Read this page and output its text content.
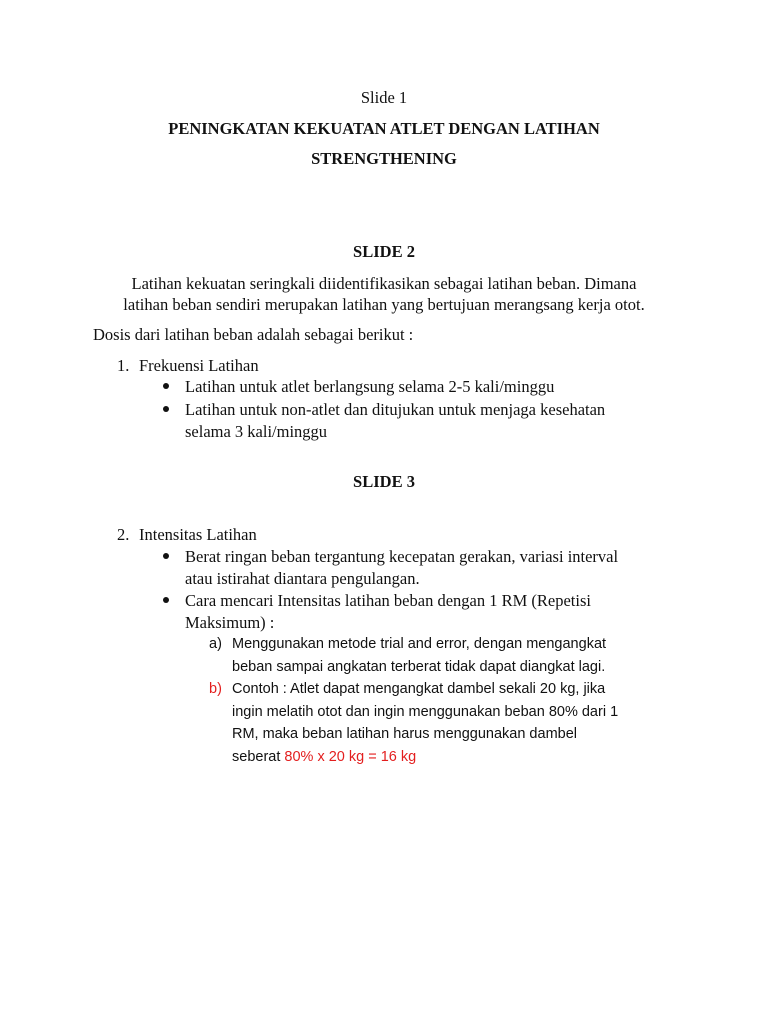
Slide 1

PENINGKATAN KEKUATAN ATLET DENGAN LATIHAN

STRENGTHENING

SLIDE 2

Latihan kekuatan seringkali diidentifikasikan sebagai latihan beban. Dimana

latihan beban sendiri merupakan latihan yang bertujuan merangsang kerja otot.

Dosis dari latihan beban adalah sebagai berikut :

1. Frekuensi Latihan

Latihan untuk atlet berlangsung selama 2-5 kali/minggu

Latihan untuk non-atlet dan ditujukan untuk menjaga kesehatan

selama 3 kali/minggu

SLIDE 3

2. Intensitas Latihan

Berat ringan beban tergantung kecepatan gerakan, variasi interval

atau istirahat diantara pengulangan.

Cara mencari Intensitas latihan beban dengan 1 RM (Repetisi

Maksimum) :

a) Menggunakan metode trial and error, dengan mengangkat

beban sampai angkatan terberat tidak dapat diangkat lagi.

b) Contoh : Atlet dapat mengangkat dambel sekali 20 kg, jika

ingin melatih otot dan ingin menggunakan beban 80% dari 1

RM, maka beban latihan harus menggunakan dambel

seberat 80% x 20 kg = 16 kg
